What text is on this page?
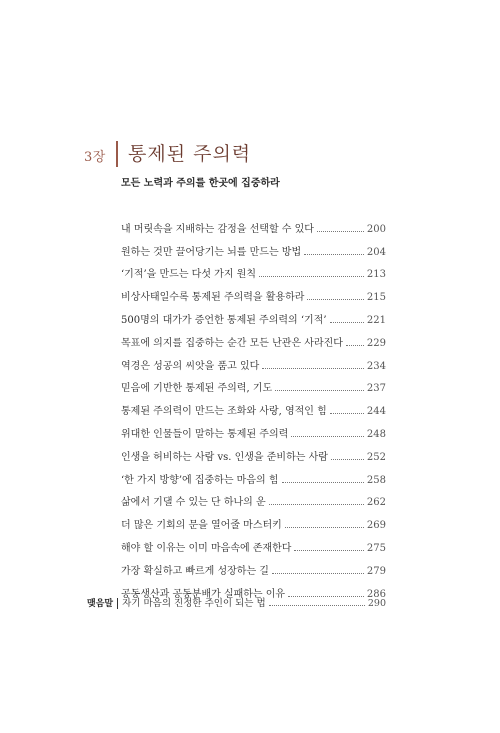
3장	통제된 주의력
모든 노력과 주의를 한곳에 집중하라
내 머릿속을 지배하는 감정을 선택할 수 있다	200
원하는 것만 끌어당기는 뇌를 만드는 방법	204
‘기적’을 만드는 다섯 가지 원칙	213
비상사태일수록 통제된 주의력을 활용하라	215
500명의 대가가 증언한 통제된 주의력의 ‘기적’	221
목표에 의지를 집중하는 순간 모든 난관은 사라진다 229
역경은 성공의 씨앗을 품고 있다	234
믿음에 기반한 통제된 주의력, 기도	237
통제된 주의력이 만드는 조화와 사랑, 영적인 힘	244
위대한 인물들이 말하는 통제된 주의력	248
인생을 허비하는 사람 vs. 인생을 준비하는 사람	252
‘한 가지 방향’에 집중하는 마음의 힘	258
삶에서 기댈 수 있는 단 하나의 운	262
더 많은 기회의 문을 열어줄 마스터키	269
해야 할 이유는 이미 마음속에 존재한다	275
가장 확실하고 빠르게 성장하는 길	279
공동생산과 공동분배가 실패하는 이유	286
맺음말 자기 마음의 진정한 주인이 되는 법	290
